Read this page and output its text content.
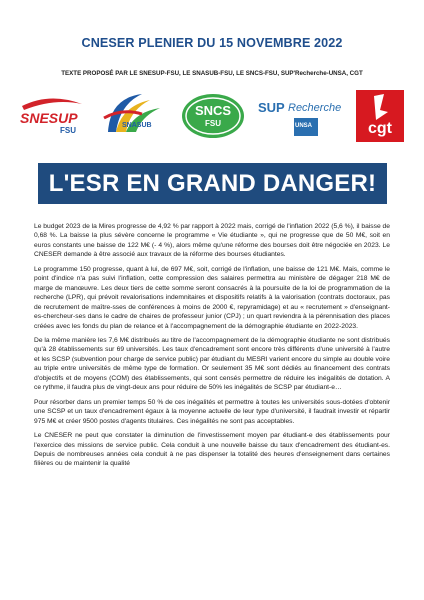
CNESER PLENIER DU 15 NOVEMBRE 2022
TEXTE PROPOSÉ PAR LE SNESUP-FSU, LE SNASUB-FSU, LE SNCS-FSU, SUP'Recherche-UNSA, CGT
SNESUP
FSU
SNASUB
SNCS
FSU
SUP Recherche
UNSA	cgt
L'ESR EN GRAND DANGER!

Le budget 2023 de la Mires progresse de 4,92 % par rapport à 2022 mais, corrigé de l'inflation 2022 (5,6 %), il baisse de 0,68 %. La baisse la plus sévère concerne le programme « Vie étudiante », qui ne progresse que de 50 M€, soit en euros constants une baisse de 122 M€ (- 4 %), alors même qu'une réforme des bourses doit être négociée en 2023. Le CNESER demande à être associé aux travaux de la réforme des bourses étudiantes.

Le programme 150 progresse, quant à lui, de 697 M€, soit, corrigé de l'inflation, une baisse de 121 M€. Mais, comme le point d'indice n'a pas suivi l'inflation, cette compression des salaires permettra au ministère de dégager 218 M€ de marge de manœuvre. Les deux tiers de cette somme seront consacrés à la poursuite de la loi de programmation de la recherche (LPR), qui prévoit revalorisations indemnitaires et dispositifs relatifs à la valorisation (contrats doctoraux, pas de recrutement de maître-sses de conférences à moins de 2000 €, repyramidage) et au « recrutement » d'enseignant-es-chercheur-ses dans le cadre de chaires de professeur junior (CPJ) ; un quart reviendra à la pérennisation des places créées avec les fonds du plan de relance et à l'accompagnement de la démographie étudiante en 2022-2023.

De la même manière les 7,6 M€ distribués au titre de l'accompagnement de la démographie étudiante ne sont distribués qu'à 28 établissements sur 69 universités. Les taux d'encadrement sont encore très différents d'une université à l'autre et les SCSP (subvention pour charge de service public) par étudiant du MESRI varient encore du simple au double voire au triple entre universités de même type de formation. Or seulement 35 M€ sont dédiés au financement des contrats d'objectifs et de moyens (COM) des établissements, qui sont censés permettre de réduire les inégalités de dotation. A ce rythme, il faudra plus de vingt-deux ans pour réduire de 50% les inégalités de SCSP par étudiant-e…

Pour résorber dans un premier temps 50 % de ces inégalités et permettre à toutes les universités sous-dotées d'obtenir une SCSP et un taux d'encadrement égaux à la moyenne actuelle de leur type d'université, il faudrait investir et répartir 975 M€ et créer 9500 postes d'agents titulaires. Ces inégalités ne sont pas acceptables.

Le CNESER ne peut que constater la diminution de l'investissement moyen par étudiant-e des établissements pour l'exercice des missions de service public. Cela conduit à une nouvelle baisse du taux d'encadrement des étudiant-es. Depuis de nombreuses années cela conduit à ne pas dispenser la totalité des heures d'enseignement dans certaines filières ou de maintenir la qualité
